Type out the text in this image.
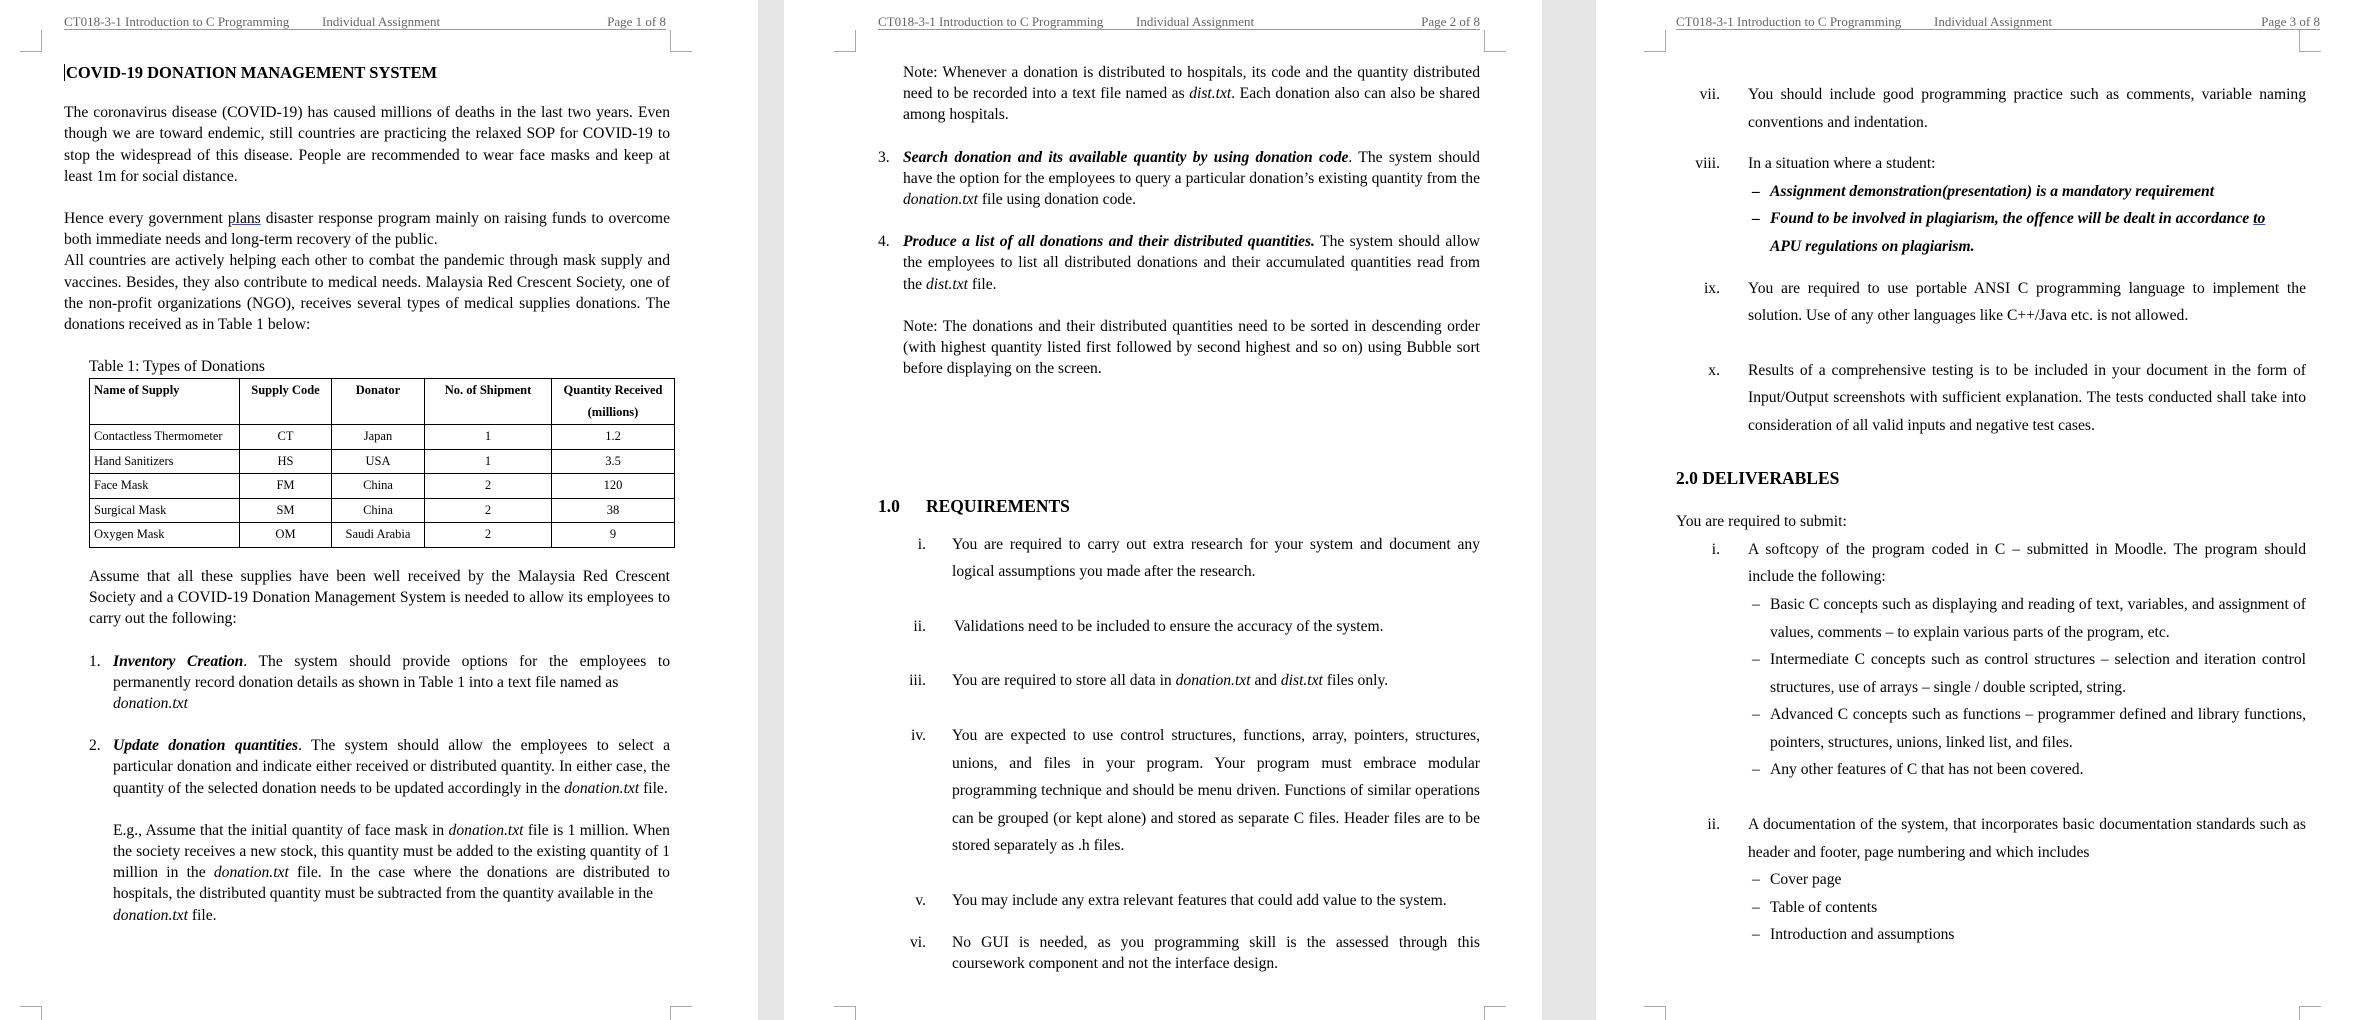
CT018-3-1 Introduction to C Programming	Individual Assignment	Page 1 of 8
COVID-19 DONATION MANAGEMENT SYSTEM

The coronavirus disease (COVID-19) has caused millions of deaths in the last two years. Even though we are toward endemic, still countries are practicing the relaxed SOP for COVID-19 to stop the widespread of this disease. People are recommended to wear face masks and keep at least 1m for social distance.

Hence every government plans disaster response program mainly on raising funds to overcome both immediate needs and long-term recovery of the public.

All countries are actively helping each other to combat the pandemic through mask supply and vaccines. Besides, they also contribute to medical needs. Malaysia Red Crescent Society, one of the non-profit organizations (NGO), receives several types of medical supplies donations. The donations received as in Table 1 below:

Table 1: Types of Donations
Name of Supply	Supply Code	Donator	No. of Shipment	Quantity Received (millions)
Contactless Thermometer	CT	Japan	1	1.2
Hand Sanitizers	HS	USA	1	3.5
Face Mask	FM	China	2	120
Surgical Mask	SM	China	2	38
Oxygen Mask	OM	Saudi Arabia	2	9

Assume that all these supplies have been well received by the Malaysia Red Crescent Society and a COVID-19 Donation Management System is needed to allow its employees to carry out the following:

1. Inventory Creation. The system should provide options for the employees to permanently record donation details as shown in Table 1 into a text file named as
donation.txt

2. Update donation quantities. The system should allow the employees to select a particular donation and indicate either received or distributed quantity. In either case, the quantity of the selected donation needs to be updated accordingly in the donation.txt file.

E.g., Assume that the initial quantity of face mask in donation.txt file is 1 million. When the society receives a new stock, this quantity must be added to the existing quantity of 1 million in the donation.txt file. In the case where the donations are distributed to hospitals, the distributed quantity must be subtracted from the quantity available in the
donation.txt file.

CT018-3-1 Introduction to C Programming	Individual Assignment	Page 2 of 8

Note: Whenever a donation is distributed to hospitals, its code and the quantity distributed need to be recorded into a text file named as dist.txt. Each donation also can also be shared among hospitals.

3. Search donation and its available quantity by using donation code. The system should have the option for the employees to query a particular donation’s existing quantity from the donation.txt file using donation code.

4. Produce a list of all donations and their distributed quantities. The system should allow the employees to list all distributed donations and their accumulated quantities read from the dist.txt file.

Note: The donations and their distributed quantities need to be sorted in descending order (with highest quantity listed first followed by second highest and so on) using Bubble sort before displaying on the screen.

1.0 REQUIREMENTS
i. You are required to carry out extra research for your system and document any logical assumptions you made after the research.

ii. Validations need to be included to ensure the accuracy of the system.

iii. You are required to store all data in donation.txt and dist.txt files only.

iv. You are expected to use control structures, functions, array, pointers, structures, unions, and files in your program. Your program must embrace modular programming technique and should be menu driven. Functions of similar operations can be grouped (or kept alone) and stored as separate C files. Header files are to be stored separately as .h files.

v. You may include any extra relevant features that could add value to the system.

vi. No GUI is needed, as you programming skill is the assessed through this coursework component and not the interface design.

CT018-3-1 Introduction to C Programming	Individual Assignment	Page 3 of 8
vii. You should include good programming practice such as comments, variable naming conventions and indentation.

viii. In a situation where a student:

– Assignment demonstration(presentation) is a mandatory requirement
– Found to be involved in plagiarism, the offence will be dealt in accordance to
APU regulations on plagiarism.
ix. You are required to use portable ANSI C programming language to implement the solution. Use of any other languages like C++/Java etc. is not allowed.

x. Results of a comprehensive testing is to be included in your document in the form of Input/Output screenshots with sufficient explanation. The tests conducted shall take into consideration of all valid inputs and negative test cases.

2.0 DELIVERABLES
You are required to submit:
i. A softcopy of the program coded in C – submitted in Moodle. The program should include the following:

– Basic C concepts such as displaying and reading of text, variables, and assignment of values, comments – to explain various parts of the program, etc.

– Intermediate C concepts such as control structures – selection and iteration control structures, use of arrays – single / double scripted, string.

– Advanced C concepts such as functions – programmer defined and library functions, pointers, structures, unions, linked list, and files.

– Any other features of C that has not been covered.

ii. A documentation of the system, that incorporates basic documentation standards such as header and footer, page numbering and which includes

– Cover page
– Table of contents
– Introduction and assumptions
